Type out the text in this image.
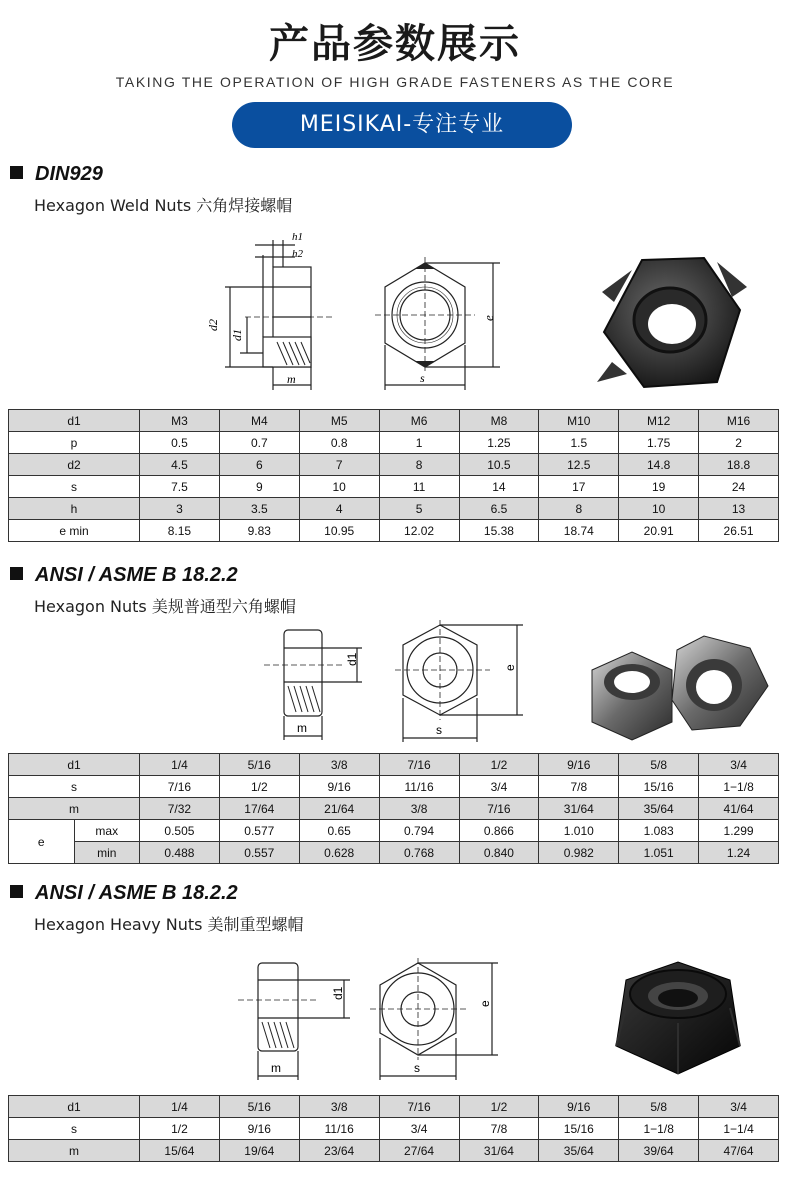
产品参数展示
TAKING THE OPERATION OF HIGH GRADE FASTENERS AS THE CORE
MEISIKAI-专注专业
DIN929
Hexagon Weld Nuts 六角焊接螺帽
h1
h2
d2
d1
m
e
s
d1	M3	M4	M5	M6	M8	M10	M12	M16
p	0.5	0.7	0.8	1	1.25	1.5	1.75	2
d2	4.5	6	7	8	10.5	12.5	14.8	18.8
s	7.5	9	10	11	14	17	19	24
h	3	3.5	4	5	6.5	8	10	13
e min	8.15	9.83	10.95	12.02	15.38	18.74	20.91	26.51
ANSI / ASME B 18.2.2
Hexagon Nuts 美规普通型六角螺帽
d1
m
e
s
d1		1/4	5/16	3/8	7/16	1/2	9/16	5/8	3/4
s		7/16	1/2	9/16	11/16	3/4	7/8	15/16	1−1/8
m		7/32	17/64	21/64	3/8	7/16	31/64	35/64	41/64
e	max	0.505	0.577	0.65	0.794	0.866	1.010	1.083	1.299
	min	0.488	0.557	0.628	0.768	0.840	0.982	1.051	1.24
ANSI / ASME B 18.2.2
Hexagon Heavy Nuts 美制重型螺帽
d1
m
e
s
d1	1/4	5/16	3/8	7/16	1/2	9/16	5/8	3/4
s	1/2	9/16	11/16	3/4	7/8	15/16	1−1/8	1−1/4
m	15/64	19/64	23/64	27/64	31/64	35/64	39/64	47/64
